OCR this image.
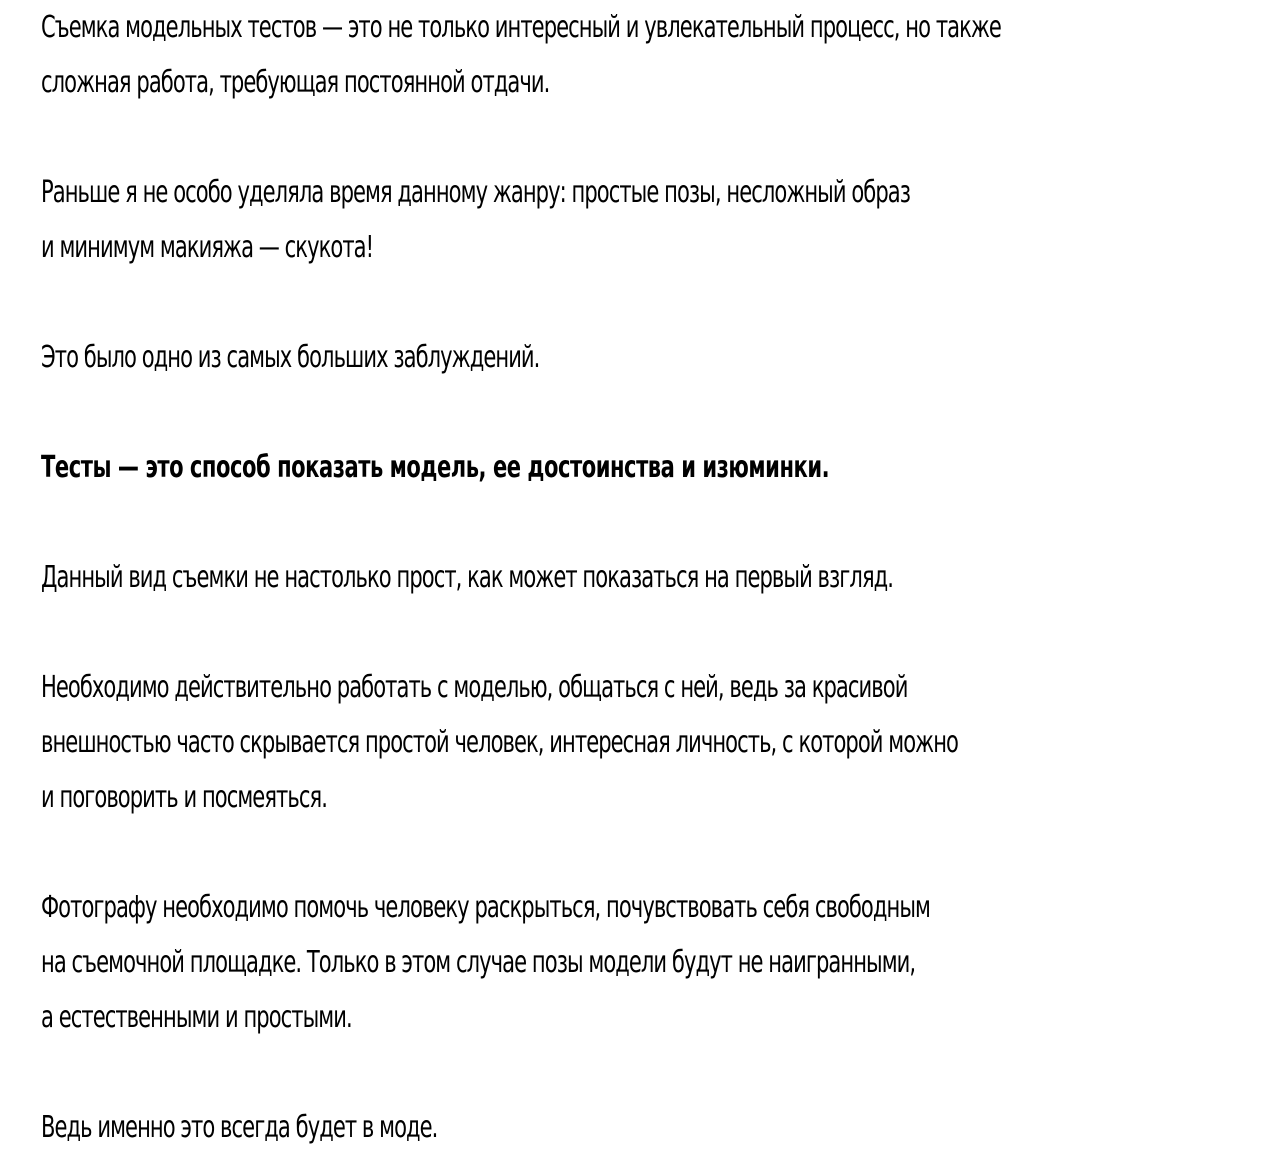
Съемка модельных тестов — это не только интересный и увлекательный процесс, но также
сложная работа, требующая постоянной отдачи.

Раньше я не особо уделяла время данному жанру: простые позы, несложный образ
и минимум макияжа — скукота!

Это было одно из самых больших заблуждений.

Тесты — это способ показать модель, ее достоинства и изюминки.

Данный вид съемки не настолько прост, как может показаться на первый взгляд.

Необходимо действительно работать с моделью, общаться с ней, ведь за красивой
внешностью часто скрывается простой человек, интересная личность, с которой можно
и поговорить и посмеяться.

Фотографу необходимо помочь человеку раскрыться, почувствовать себя свободным
на съемочной площадке. Только в этом случае позы модели будут не наигранными,
а естественными и простыми.

Ведь именно это всегда будет в моде.
